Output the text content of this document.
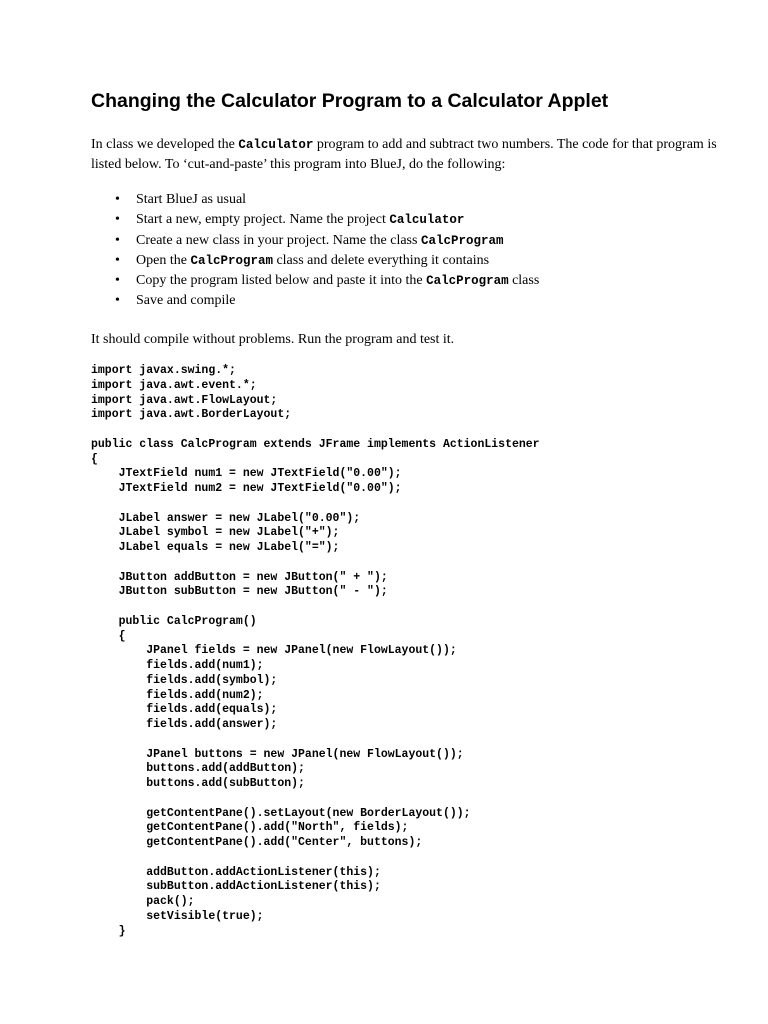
Changing the Calculator Program to a Calculator Applet

In class we developed the Calculator program to add and subtract two numbers. The code for that program is listed below. To ‘cut-and-paste’ this program into BlueJ, do the following:

• Start BlueJ as usual
• Start a new, empty project. Name the project Calculator
• Create a new class in your project. Name the class CalcProgram
• Open the CalcProgram class and delete everything it contains
• Copy the program listed below and paste it into the CalcProgram class
• Save and compile

It should compile without problems. Run the program and test it.

import javax.swing.*;
import java.awt.event.*;
import java.awt.FlowLayout;
import java.awt.BorderLayout;
public class CalcProgram extends JFrame implements ActionListener
{
JTextField num1 = new JTextField("0.00");
JTextField num2 = new JTextField("0.00");
JLabel answer = new JLabel("0.00");
JLabel symbol = new JLabel("+");
JLabel equals = new JLabel("=");
JButton addButton = new JButton(" + ");
JButton subButton = new JButton(" - ");
public CalcProgram()
{
JPanel fields = new JPanel(new FlowLayout());
fields.add(num1);
fields.add(symbol);
fields.add(num2);
fields.add(equals);
fields.add(answer);
JPanel buttons = new JPanel(new FlowLayout());
buttons.add(addButton);
buttons.add(subButton);
getContentPane().setLayout(new BorderLayout());
getContentPane().add("North", fields);
getContentPane().add("Center", buttons);
addButton.addActionListener(this);
subButton.addActionListener(this);
pack();
setVisible(true);
}
